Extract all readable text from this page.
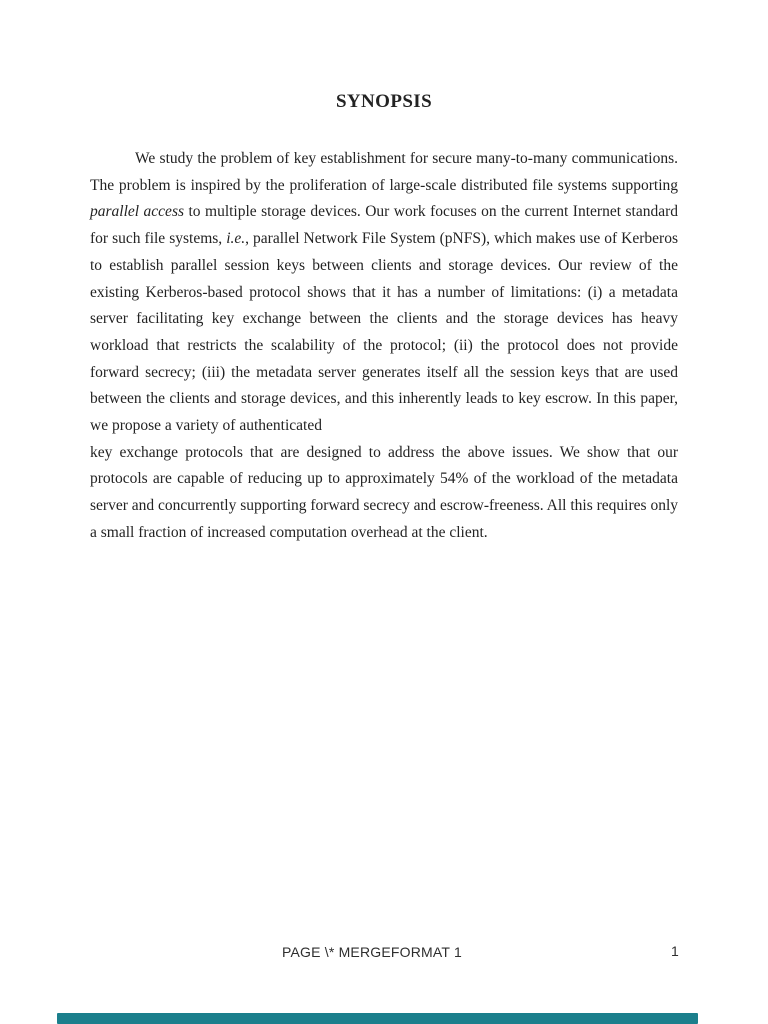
SYNOPSIS

We study the problem of key establishment for secure many-to-many communications. The problem is inspired by the proliferation of large-scale distributed file systems supporting parallel access to multiple storage devices. Our work focuses on the current Internet standard for such file systems, i.e., parallel Network File System (pNFS), which makes use of Kerberos to establish parallel session keys between clients and storage devices. Our review of the existing Kerberos-based protocol shows that it has a number of limitations: (i) a metadata server facilitating key exchange between the clients and the storage devices has heavy workload that restricts the scalability of the protocol; (ii) the protocol does not provide forward secrecy; (iii) the metadata server generates itself all the session keys that are used between the clients and storage devices, and this inherently leads to key escrow. In this paper, we propose a variety of authenticated

key exchange protocols that are designed to address the above issues. We show that our protocols are capable of reducing up to approximately 54% of the workload of the metadata server and concurrently supporting forward secrecy and escrow-freeness. All this requires only a small fraction of increased computation overhead at the client.

PAGE \* MERGEFORMAT 1	1
